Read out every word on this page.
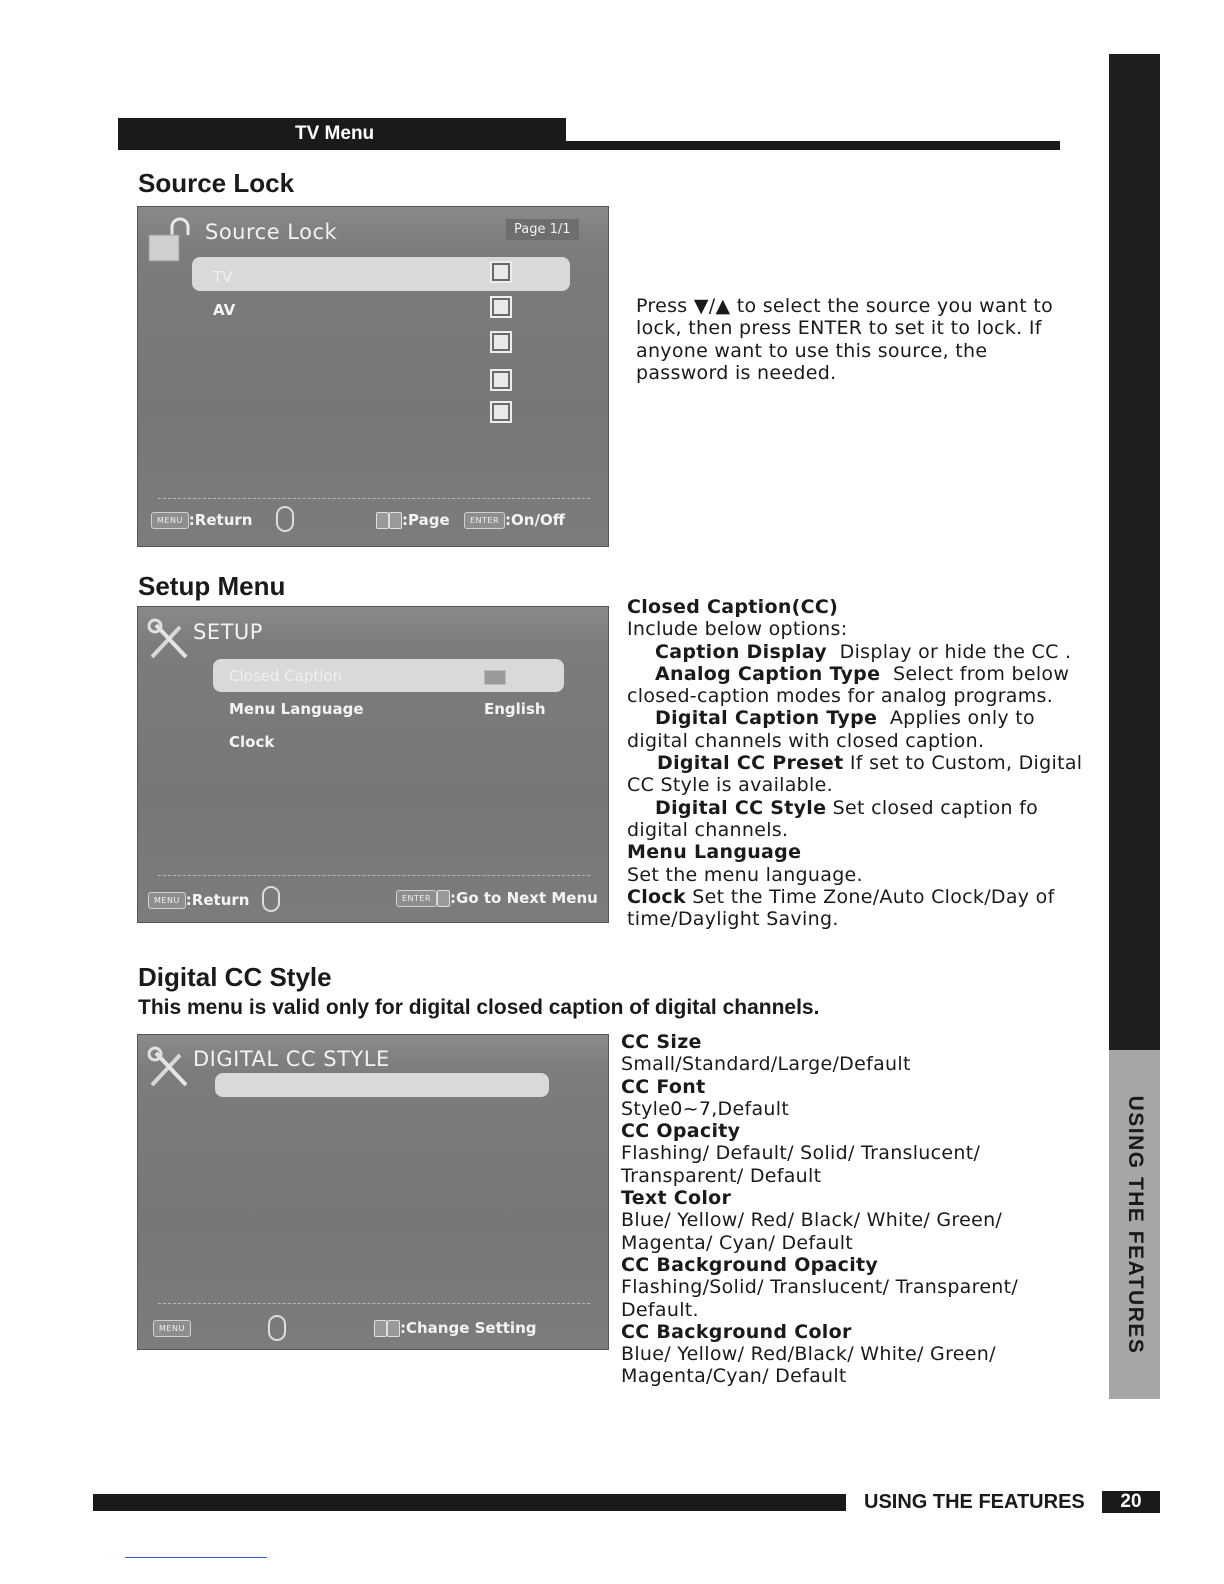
TV Menu
USING THE FEATURES
Source Lock
Source Lock	Page 1/1
TV
AV
MENU :Return	:Page	ENTER :On/Off
Press ▼/▲ to select the source you want to lock, then press ENTER to set it to lock. If anyone want to use this source, the password is needed.
Setup Menu
SETUP
Closed Caption
Menu Language	English
Clock
MENU :Return	ENTER :Go to Next Menu
Closed Caption(CC)
Include below options:
Caption Display  Display or hide the CC .
Analog Caption Type  Select from below
closed-caption modes for analog programs.
Digital Caption Type  Applies only to
digital channels with closed caption.
Digital CC Preset If set to Custom, Digital
CC Style is available.
Digital CC Style Set closed caption fo
digital channels.
Menu Language
Set the menu language.
Clock Set the Time Zone/Auto Clock/Day of
time/Daylight Saving.
Digital CC Style
This menu is valid only for digital closed caption of digital channels.
DIGITAL CC STYLE
MENU	:Change Setting
CC Size
Small/Standard/Large/Default
CC Font
Style0~7,Default
CC Opacity
Flashing/ Default/ Solid/ Translucent/
Transparent/ Default
Text Color
Blue/ Yellow/ Red/ Black/ White/ Green/
Magenta/ Cyan/ Default
CC Background Opacity
Flashing/Solid/ Translucent/ Transparent/
Default.
CC Background Color
Blue/ Yellow/ Red/Black/ White/ Green/
Magenta/Cyan/ Default
USING THE FEATURES	20
